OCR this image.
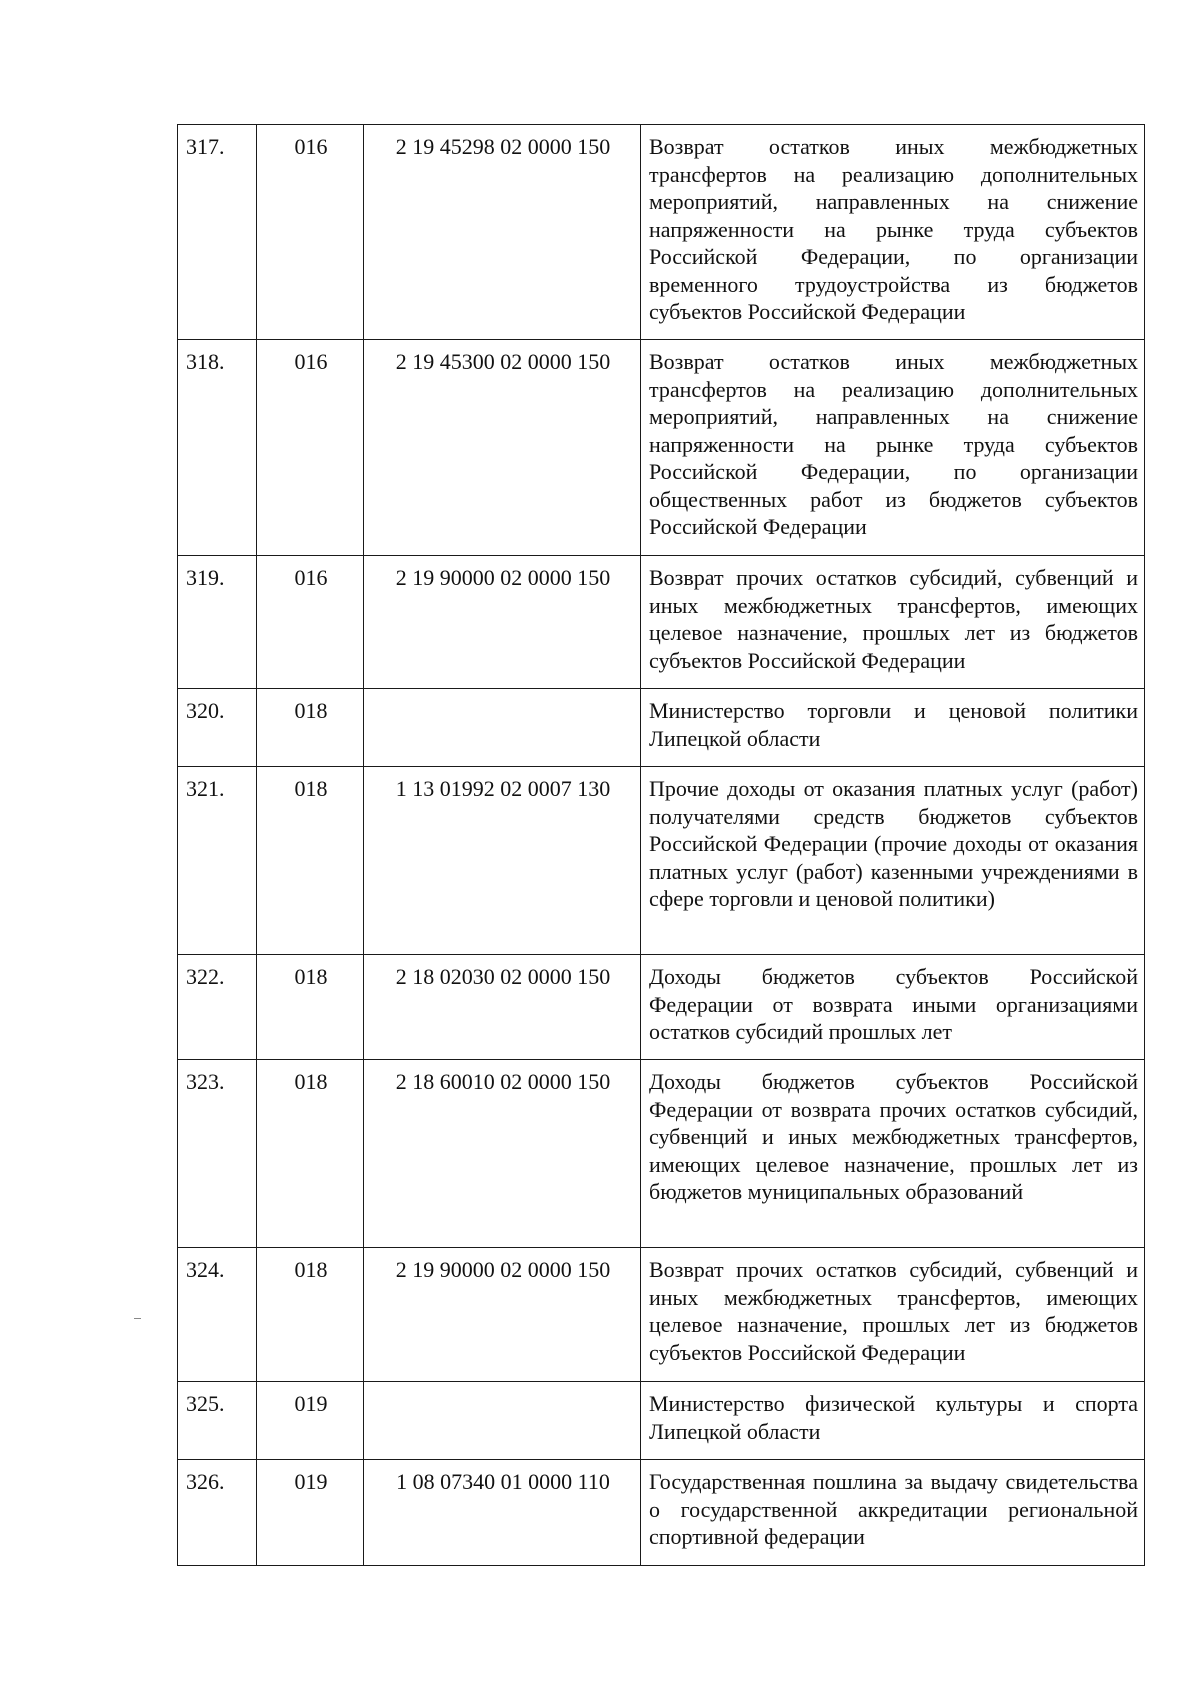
317.	016	2 19 45298 02 0000 150	Возврат остатков иных межбюджетных трансфертов на реализацию дополнительных мероприятий, направленных на снижение напряженности на рынке труда субъектов Российской Федерации, по организации временного трудоустройства из бюджетов субъектов Российской Федерации
318.	016	2 19 45300 02 0000 150	Возврат остатков иных межбюджетных трансфертов на реализацию дополнительных мероприятий, направленных на снижение напряженности на рынке труда субъектов Российской Федерации, по организации общественных работ из бюджетов субъектов Российской Федерации
319.	016	2 19 90000 02 0000 150	Возврат прочих остатков субсидий, субвенций и иных межбюджетных трансфертов, имеющих целевое назначение, прошлых лет из бюджетов субъектов Российской Федерации
320.	018		Министерство торговли и ценовой политики Липецкой области
321.	018	1 13 01992 02 0007 130	Прочие доходы от оказания платных услуг (работ) получателями средств бюджетов субъектов Российской Федерации (прочие доходы от оказания платных услуг (работ) казенными учреждениями в сфере торговли и ценовой политики)
322.	018	2 18 02030 02 0000 150	Доходы бюджетов субъектов Российской Федерации от возврата иными организациями остатков субсидий прошлых лет
323.	018	2 18 60010 02 0000 150	Доходы бюджетов субъектов Российской Федерации от возврата прочих остатков субсидий, субвенций и иных межбюджетных трансфертов, имеющих целевое назначение, прошлых лет из бюджетов муниципальных образований
324.	018	2 19 90000 02 0000 150	Возврат прочих остатков субсидий, субвенций и иных межбюджетных трансфертов, имеющих целевое назначение, прошлых лет из бюджетов субъектов Российской Федерации
325.	019		Министерство физической культуры и спорта Липецкой области
326.	019	1 08 07340 01 0000 110	Государственная пошлина за выдачу свидетельства о государственной аккредитации региональной спортивной федерации
